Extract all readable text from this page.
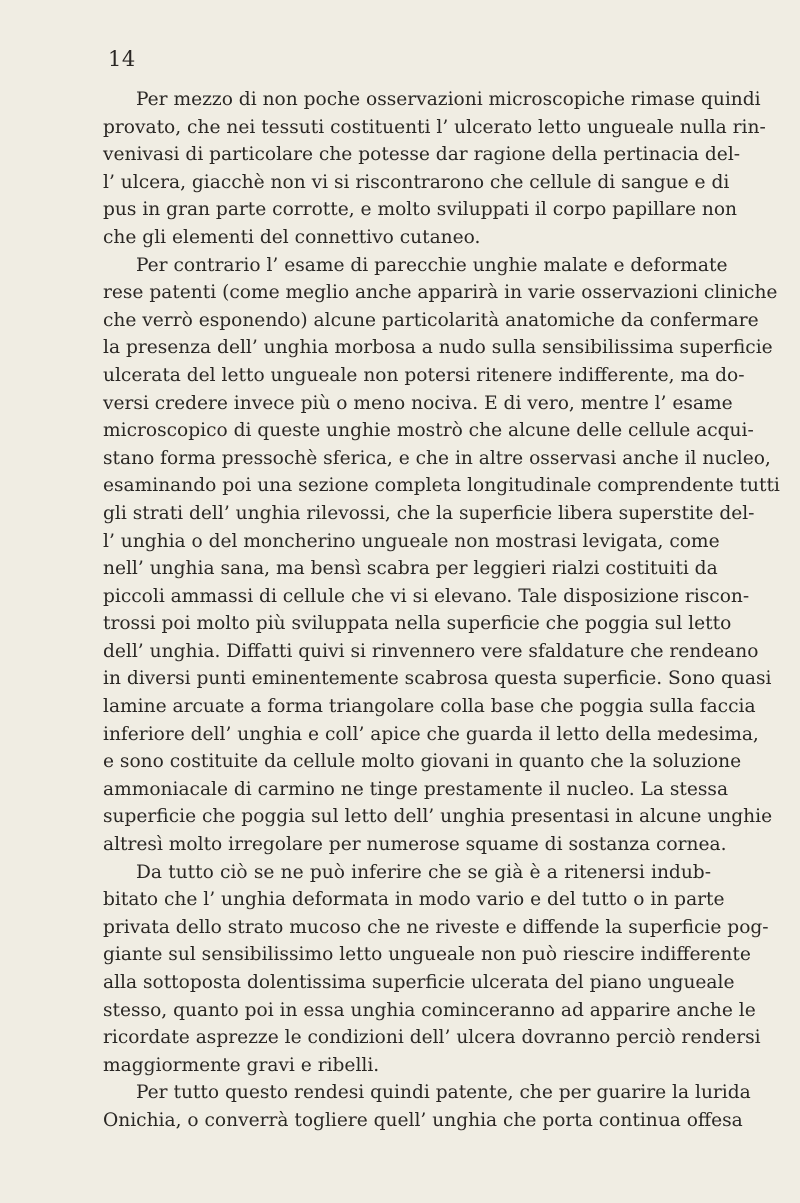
14
Per mezzo di non poche osservazioni microscopiche rimase quindi
provato, che nei tessuti costituenti l’ ulcerato letto ungueale nulla rin-
venivasi di particolare che potesse dar ragione della pertinacia del-
l’ ulcera, giacchè non vi si riscontrarono che cellule di sangue e di
pus in gran parte corrotte, e molto sviluppati il corpo papillare non
che gli elementi del connettivo cutaneo.
Per contrario l’ esame di parecchie unghie malate e deformate
rese patenti (come meglio anche apparirà in varie osservazioni cliniche
che verrò esponendo) alcune particolarità anatomiche da confermare
la presenza dell’ unghia morbosa a nudo sulla sensibilissima superficie
ulcerata del letto ungueale non potersi ritenere indifferente, ma do-
versi credere invece più o meno nociva. E di vero, mentre l’ esame
microscopico di queste unghie mostrò che alcune delle cellule acqui-
stano forma pressochè sferica, e che in altre osservasi anche il nucleo,
esaminando poi una sezione completa longitudinale comprendente tutti
gli strati dell’ unghia rilevossi, che la superficie libera superstite del-
l’ unghia o del moncherino ungueale non mostrasi levigata, come
nell’ unghia sana, ma bensì scabra per leggieri rialzi costituiti da
piccoli ammassi di cellule che vi si elevano. Tale disposizione riscon-
trossi poi molto più sviluppata nella superficie che poggia sul letto
dell’ unghia. Diffatti quivi si rinvennero vere sfaldature che rendeano
in diversi punti eminentemente scabrosa questa superficie. Sono quasi
lamine arcuate a forma triangolare colla base che poggia sulla faccia
inferiore dell’ unghia e coll’ apice che guarda il letto della medesima,
e sono costituite da cellule molto giovani in quanto che la soluzione
ammoniacale di carmino ne tinge prestamente il nucleo. La stessa
superficie che poggia sul letto dell’ unghia presentasi in alcune unghie
altresì molto irregolare per numerose squame di sostanza cornea.
Da tutto ciò se ne può inferire che se già è a ritenersi indub-
bitato che l’ unghia deformata in modo vario e del tutto o in parte
privata dello strato mucoso che ne riveste e diffende la superficie pog-
giante sul sensibilissimo letto ungueale non può riescire indifferente
alla sottoposta dolentissima superficie ulcerata del piano ungueale
stesso, quanto poi in essa unghia cominceranno ad apparire anche le
ricordate asprezze le condizioni dell’ ulcera dovranno perciò rendersi
maggiormente gravi e ribelli.
Per tutto questo rendesi quindi patente, che per guarire la lurida
Onichia, o converrà togliere quell’ unghia che porta continua offesa
